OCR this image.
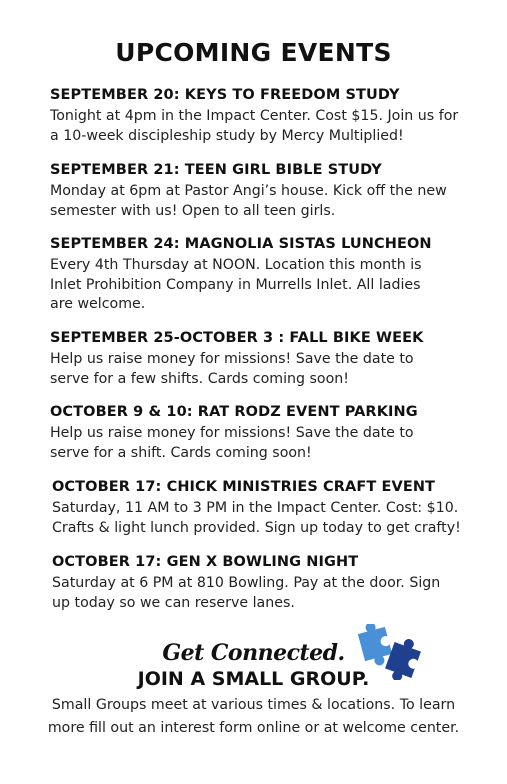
UPCOMING EVENTS
SEPTEMBER 20: KEYS TO FREEDOM STUDY

Tonight at 4pm in the Impact Center. Cost $15. Join us for a 10-week discipleship study by Mercy Multiplied!

SEPTEMBER 21: TEEN GIRL BIBLE STUDY

Monday at 6pm at Pastor Angi’s house. Kick off the new semester with us! Open to all teen girls.

SEPTEMBER 24: MAGNOLIA SISTAS LUNCHEON

Every 4th Thursday at NOON. Location this month is Inlet Prohibition Company in Murrells Inlet. All ladies are welcome.

SEPTEMBER 25-OCTOBER 3 : FALL BIKE WEEK

Help us raise money for missions! Save the date to serve for a few shifts. Cards coming soon!

OCTOBER 9 & 10: RAT RODZ EVENT PARKING

Help us raise money for missions! Save the date to serve for a shift. Cards coming soon!

OCTOBER 17: CHICK MINISTRIES CRAFT EVENT

Saturday, 11 AM to 3 PM in the Impact Center. Cost: $10. Crafts & light lunch provided. Sign up today to get crafty!

OCTOBER 17: GEN X BOWLING NIGHT

Saturday at 6 PM at 810 Bowling. Pay at the door. Sign up today so we can reserve lanes.

Get Connected.
JOIN A SMALL GROUP.
Small Groups meet at various times & locations. To learn more fill out an interest form online or at welcome center.
